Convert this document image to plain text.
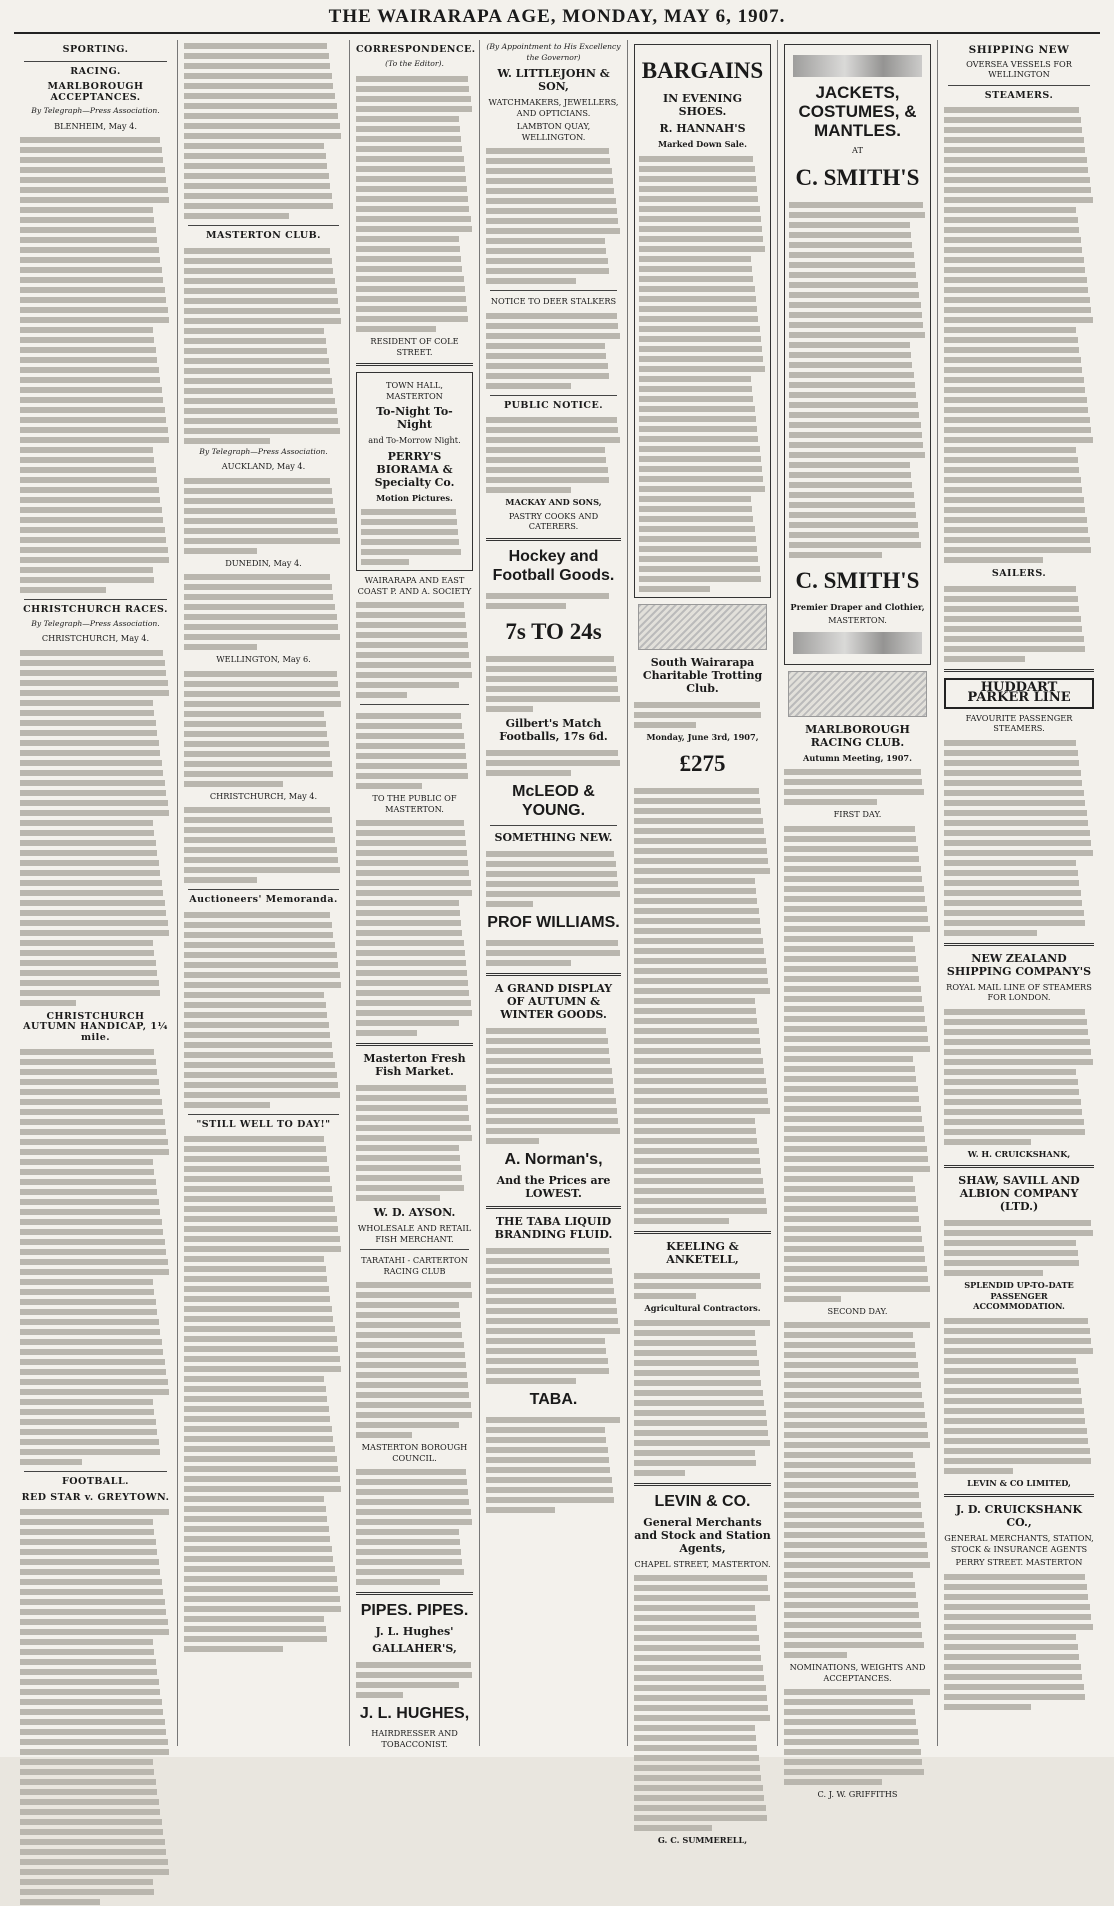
THE WAIRARAPA AGE, MONDAY, MAY 6, 1907.
SPORTING.
RACING.
MARLBOROUGH ACCEPTANCES.
By Telegraph—Press Association.
BLENHEIM, May 4.
CHRISTCHURCH RACES.
By Telegraph—Press Association.
CHRISTCHURCH, May 4.
CHRISTCHURCH AUTUMN HANDICAP, 1¼ mile.
FOOTBALL.
RED STAR v. GREYTOWN.
MASTERTON CLUB.
By Telegraph—Press Association.
AUCKLAND, May 4.
DUNEDIN, May 4.
WELLINGTON, May 6.
CHRISTCHURCH, May 4.
Auctioneers' Memoranda.
"STILL WELL TO DAY!"
CORRESPONDENCE.
(To the Editor).
RESIDENT OF COLE STREET.
TOWN HALL, MASTERTON
To-Night To-Night
and To-Morrow Night.
PERRY'S BIORAMA & Specialty Co.
Motion Pictures.
WAIRARAPA AND EAST COAST P. AND A. SOCIETY
TO THE PUBLIC OF MASTERTON.
Masterton Fresh Fish Market.
W. D. AYSON.
WHOLESALE AND RETAIL FISH MERCHANT.
TARATAHI - CARTERTON RACING CLUB
MASTERTON BOROUGH COUNCIL.
PIPES. PIPES.
J. L. Hughes'
GALLAHER'S,
J. L. HUGHES,
HAIRDRESSER AND TOBACCONIST.
(By Appointment to His Excellency the Governor)
W. LITTLEJOHN & SON,
WATCHMAKERS, JEWELLERS, AND OPTICIANS.
LAMBTON QUAY, WELLINGTON.
NOTICE TO DEER STALKERS
PUBLIC NOTICE.
MACKAY AND SONS,
PASTRY COOKS AND CATERERS.
Hockey and Football Goods.
7s TO 24s
Gilbert's Match Footballs, 17s 6d.
McLEOD & YOUNG.
SOMETHING NEW.
PROF WILLIAMS.
A GRAND DISPLAY OF AUTUMN & WINTER GOODS.
A. Norman's,
And the Prices are LOWEST.
THE TABA LIQUID BRANDING FLUID.
TABA.
BARGAINS
IN EVENING SHOES.
R. HANNAH'S
Marked Down Sale.
South Wairarapa Charitable Trotting Club.
Monday, June 3rd, 1907,
£275
KEELING & ANKETELL,
Agricultural Contractors.
LEVIN & CO.
General Merchants and Stock and Station Agents,
CHAPEL STREET, MASTERTON.
G. C. SUMMERELL,
JACKETS, COSTUMES, & MANTLES.
AT
C. SMITH'S
C. SMITH'S
Premier Draper and Clothier,
MASTERTON.
MARLBOROUGH RACING CLUB.
Autumn Meeting, 1907.
FIRST DAY.
SECOND DAY.
NOMINATIONS, WEIGHTS AND ACCEPTANCES.
C. J. W. GRIFFITHS
SHIPPING NEW
OVERSEA VESSELS FOR WELLINGTON
STEAMERS.
SAILERS.
HUDDART PARKER LINE
FAVOURITE PASSENGER STEAMERS.
NEW ZEALAND SHIPPING COMPANY'S
ROYAL MAIL LINE OF STEAMERS FOR LONDON.
W. H. CRUICKSHANK,
SHAW, SAVILL AND ALBION COMPANY (LTD.)
SPLENDID UP-TO-DATE PASSENGER ACCOMMODATION.
LEVIN & CO LIMITED,
J. D. CRUICKSHANK CO.,
GENERAL MERCHANTS, STATION, STOCK & INSURANCE AGENTS
PERRY STREET. MASTERTON
